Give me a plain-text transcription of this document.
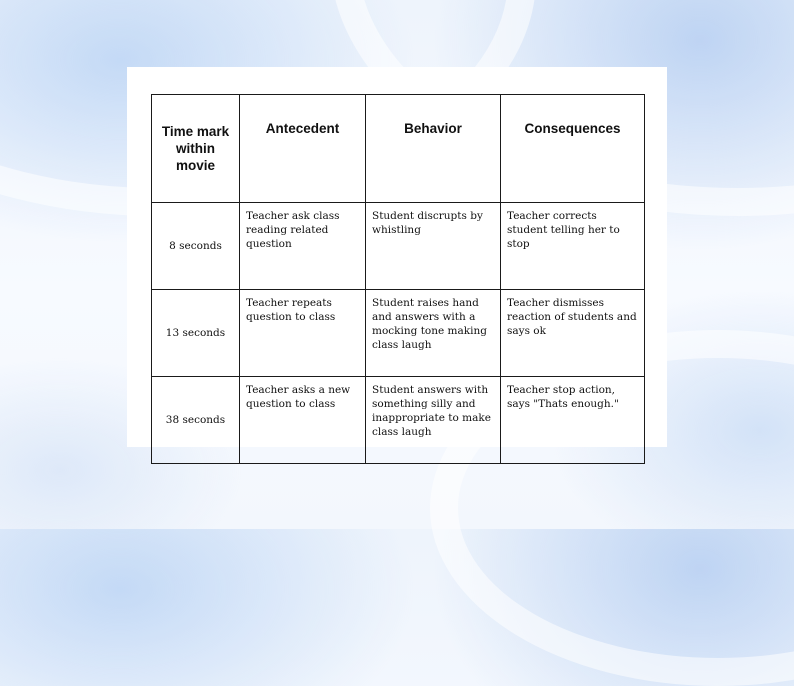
Time mark within movie	Antecedent	Behavior	Consequences
8 seconds	Teacher ask class reading related question	Student discrupts by whistling	Teacher corrects student telling her to stop
13 seconds	Teacher repeats question to class	Student raises hand and answers with a mocking tone making class laugh	Teacher dismisses reaction of students and says ok
38 seconds	Teacher asks a new question to class	Student answers with something silly and inappropriate to make class laugh	Teacher stop action, says "Thats enough."
